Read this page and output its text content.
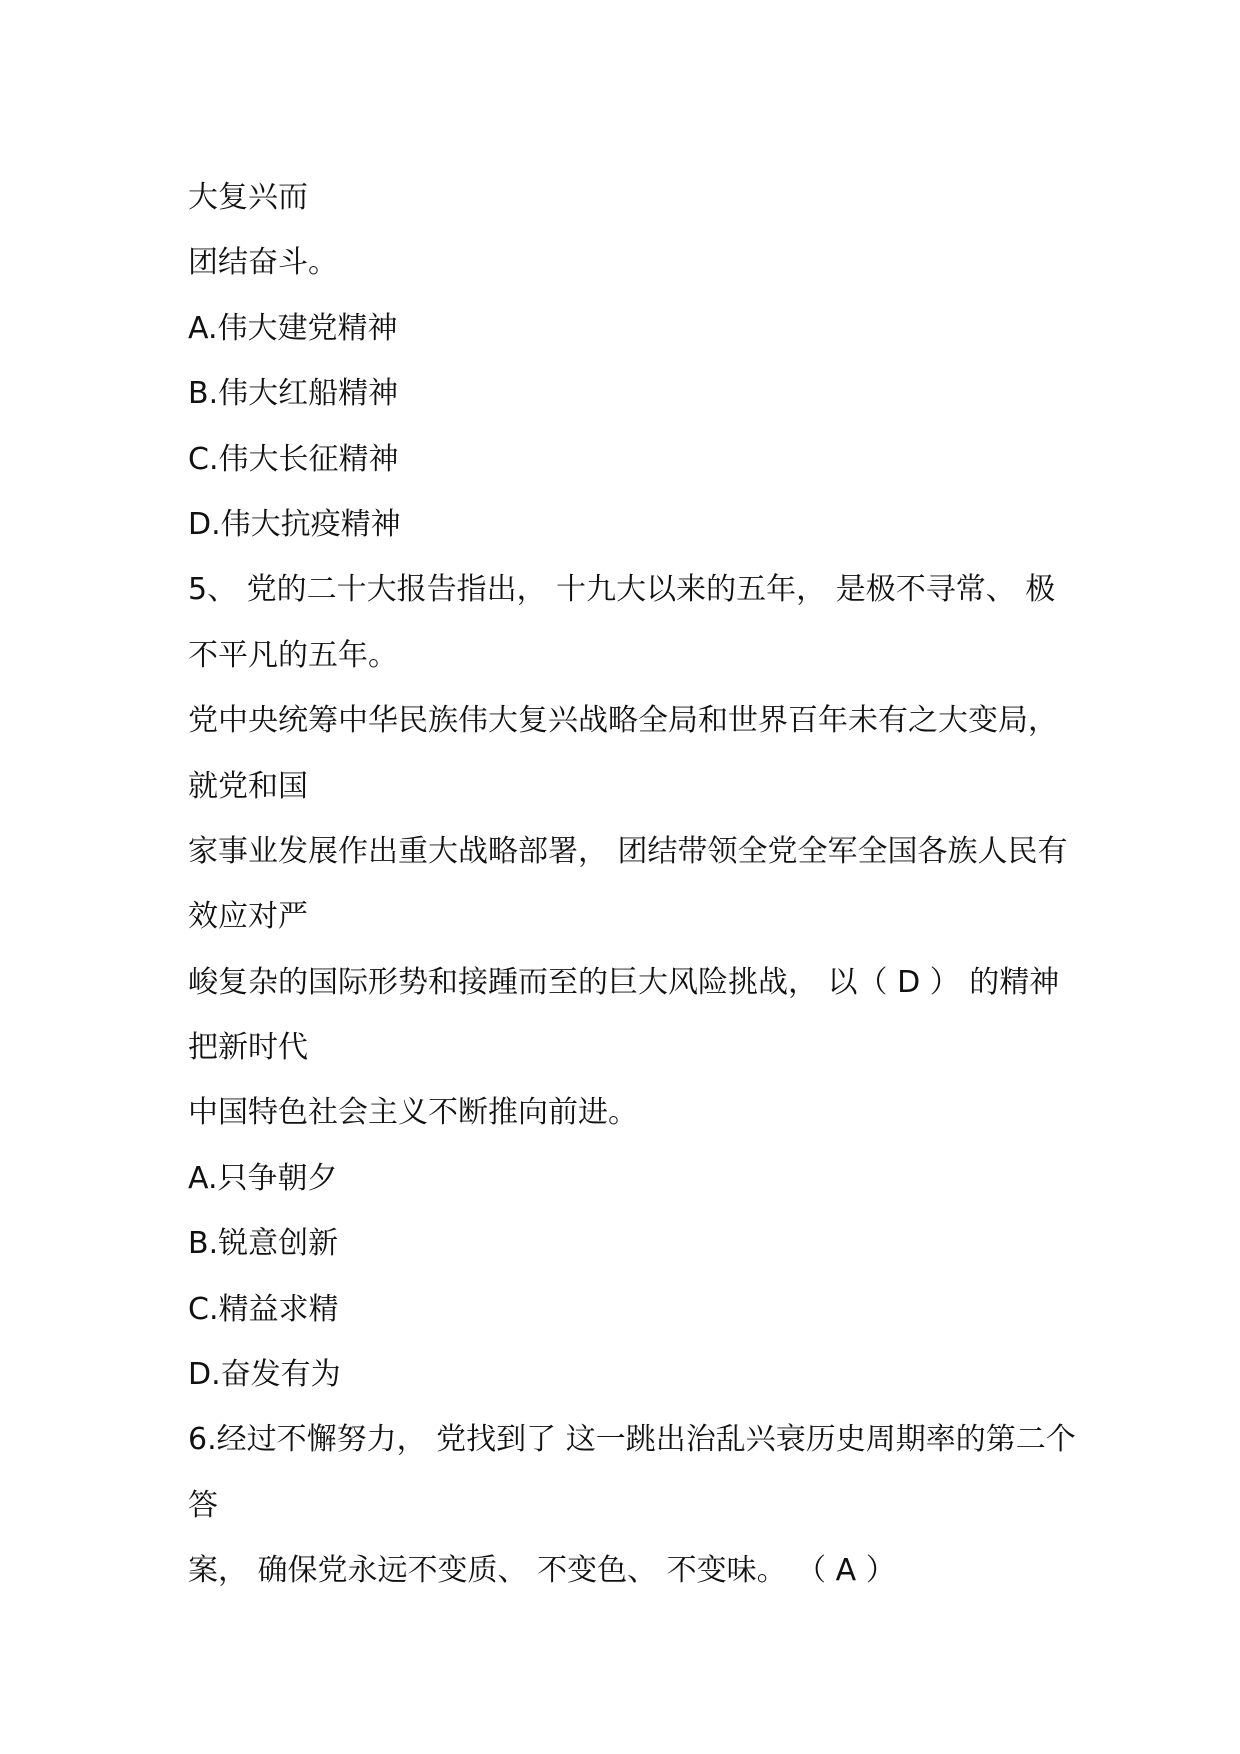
大复兴而
团结奋斗。
A.伟大建党精神
B.伟大红船精神
C.伟大长征精神
D.伟大抗疫精神
5、 党的二十大报告指出， 十九大以来的五年， 是极不寻常、 极
不平凡的五年。
党中央统筹中华民族伟大复兴战略全局和世界百年未有之大变局，
就党和国
家事业发展作出重大战略部署， 团结带领全党全军全国各族人民有
效应对严
峻复杂的国际形势和接踵而至的巨大风险挑战， 以（ D ） 的精神
把新时代
中国特色社会主义不断推向前进。
A.只争朝夕
B.锐意创新
C.精益求精
D.奋发有为
6.经过不懈努力， 党找到了 这一跳出治乱兴衰历史周期率的第二个
答
案， 确保党永远不变质、 不变色、 不变味。 （ A ）
